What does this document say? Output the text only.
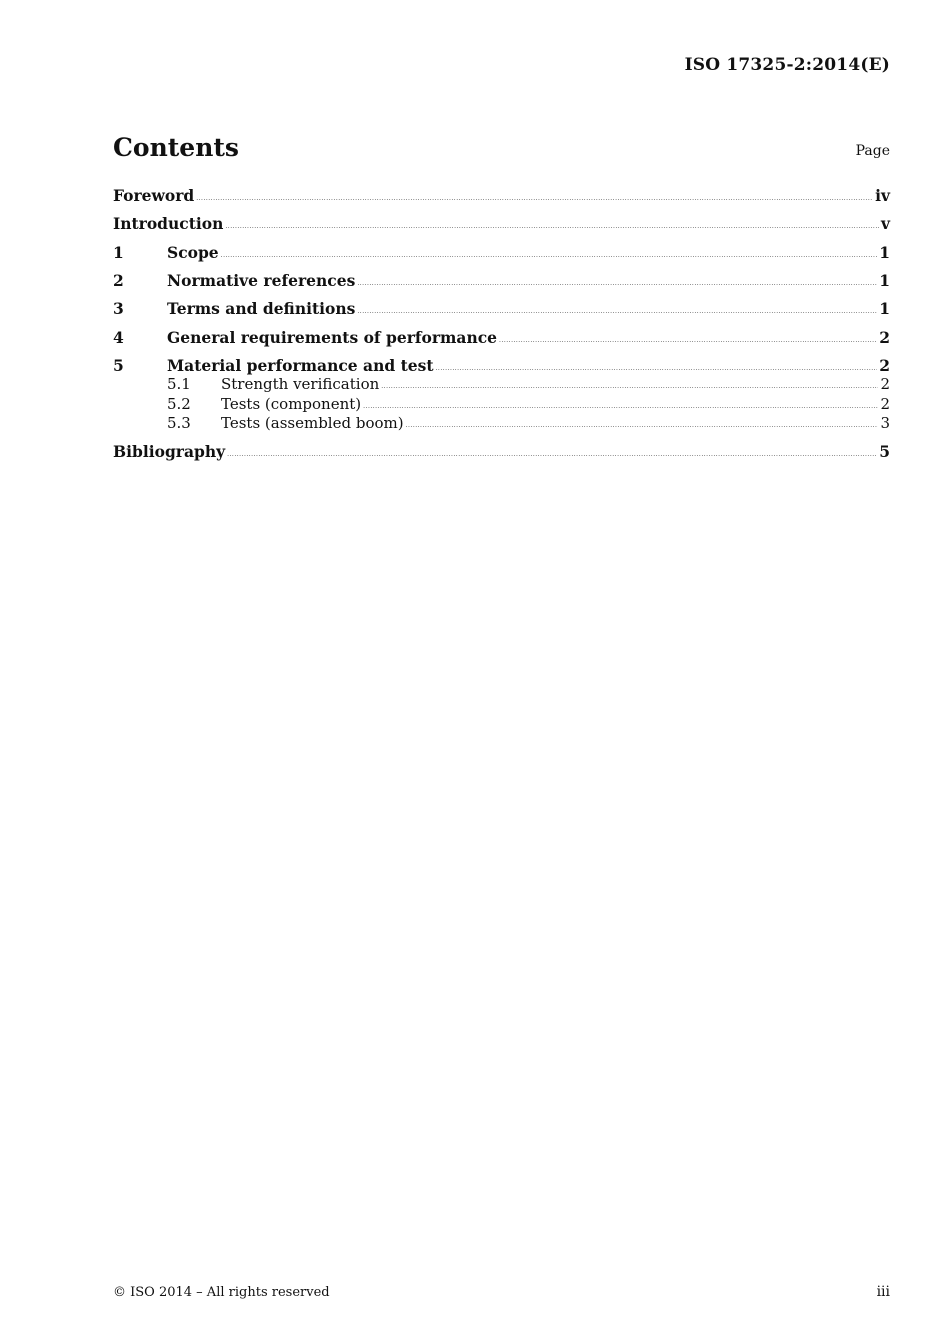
ISO 17325-2:2014(E)
Contents	Page
Foreword .....	iv
Introduction .....	v
1	Scope .....	1
2	Normative references .....	1
3	Terms and definitions .....	1
4	General requirements of performance .....	2
5	Material performance and test .....	2
5.1	Strength verification .....	2
5.2	Tests (component) .....	2
5.3	Tests (assembled boom) .....	3
Bibliography .....	5
© ISO 2014 – All rights reserved	iii
